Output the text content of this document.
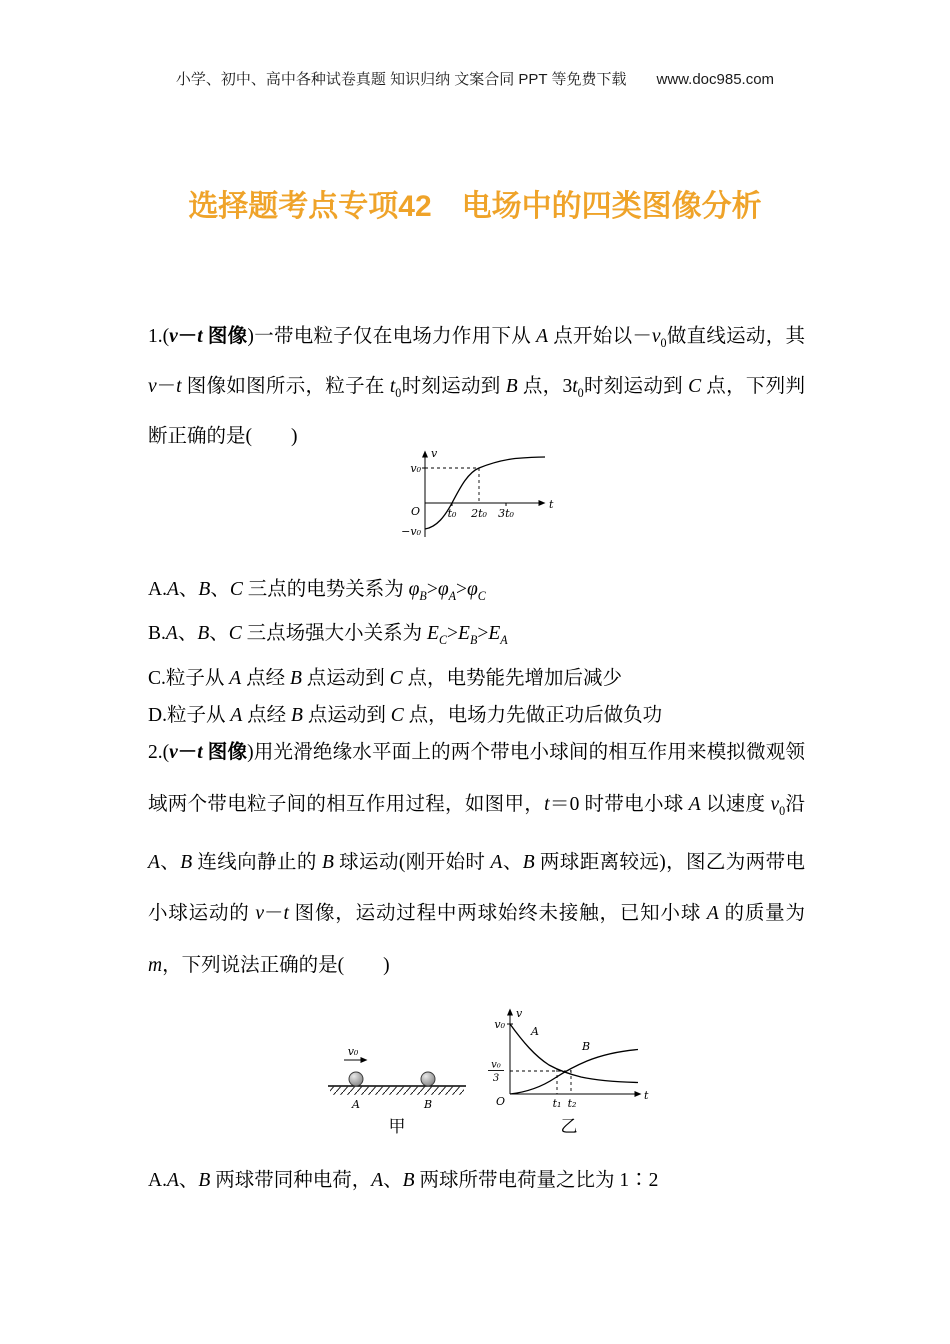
小学、初中、高中各种试卷真题 知识归纳 文案合同 PPT 等免费下载 www.doc985.com
选择题考点专项42　电场中的四类图像分析
1.(v－t 图像)一带电粒子仅在电场力作用下从 A 点开始以$-v_0$做直线运动，其 v－t 图像如图所示，粒子在 $t_0$时刻运动到 B 点，$3t_0$时刻运动到 C 点，下列判断正确的是(　　)
v
v₀
O	t₀ 2t₀ 3t₀
t
−v₀
A.A、B、C 三点的电势关系为 $\varphi_B>\varphi_A>\varphi_C$
B.A、B、C 三点场强大小关系为 $E_C>E_B>E_A$
C.粒子从 A 点经 B 点运动到 C 点，电势能先增加后减少
D.粒子从 A 点经 B 点运动到 C 点，电场力先做正功后做负功
2.(v－t 图像)用光滑绝缘水平面上的两个带电小球间的相互作用来模拟微观领域两个带电粒子间的相互作用过程，如图甲，t＝0 时带电小球 A 以速度 $v_0$沿 A、B 连线向静止的 B 球运动(刚开始时 A、B 两球距离较远)，图乙为两带电小球运动的 v－t 图像，运动过程中两球始终未接触，已知小球 A 的质量为 m，下列说法正确的是(　　)
v₀
A	B
v
v₀
v₀
3
A
B
O	t₁ t₂
t
甲	乙
A.A、B 两球带同种电荷，A、B 两球所带电荷量之比为 1∶2
